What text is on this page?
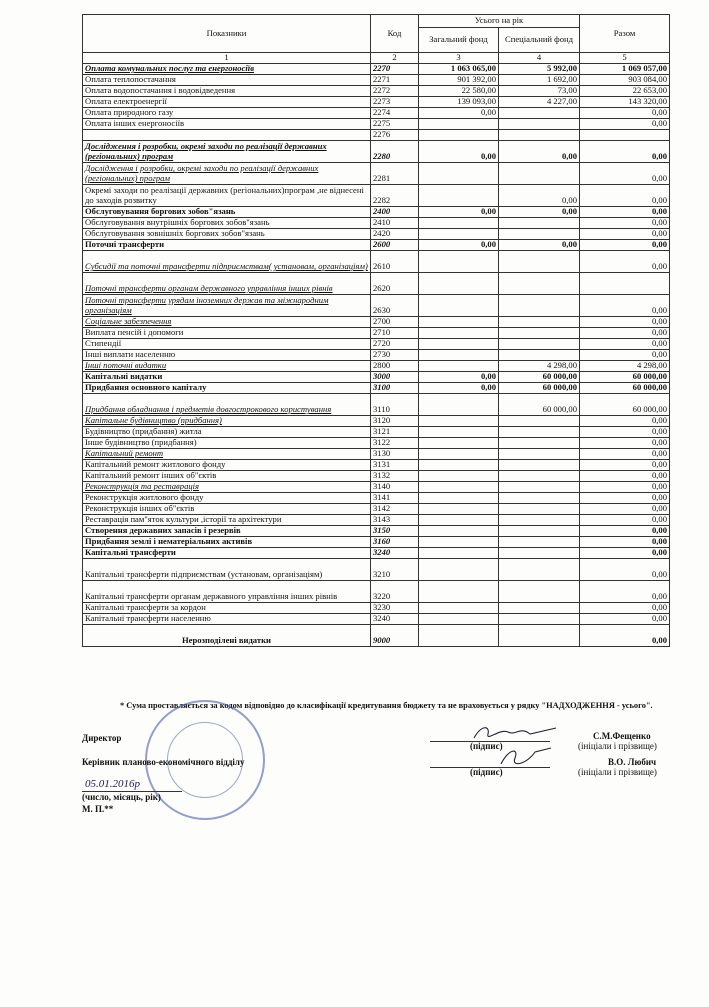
Показники	Код	Усього на рік		Разом
		Загальний фонд	Спеціальний фонд	
1	2	3	4	5
Оплата комунальних послуг та енергоносіїв	2270	1 063 065,00	5 992,00	1 069 057,00
Оплата теплопостачання	2271	901 392,00	1 692,00	903 084,00
Оплата водопостачання і водовідведення	2272	22 580,00	73,00	22 653,00
Оплата електроенергії	2273	139 093,00	4 227,00	143 320,00
Оплата природного газу	2274	0,00		0,00
Оплата інших енергоносіїв	2275			0,00
	2276			
Дослідження і розробки, окремі заходи по реалізації державних (регіональних) програм	2280	0,00	0,00	0,00
Дослідження і розробки, окремі заходи по реалізації державних (регіональних) програм	2281			0,00
Окремі заходи по реалізації державних (регіональних)програм ,не віднесені до заходів розвитку	2282		0,00	0,00
Обслуговування боргових зобов"язань	2400	0,00	0,00	0,00
Обслуговування внутрішніх боргових зобов"язань	2410			0,00
Обслуговування зовнішніх боргових зобов"язань	2420			0,00
Поточні трансферти	2600	0,00	0,00	0,00
Субсидії та поточні трансферти підприємствам( установам, організаціям)	2610			0,00
Поточні трансферти органам державного управління інших рівнів	2620			
Поточні трансферти урядам іноземних держав та міжнародним організаціям	2630			0,00
Соціальне забезпечення	2700			0,00
Виплата пенсій і допомоги	2710			0,00
Стипендії	2720			0,00
Інші виплати населенню	2730			0,00
Інші поточні видатки	2800		4 298,00	4 298,00
Капітальні видатки	3000	0,00	60 000,00	60 000,00
Придбання основного капіталу	3100	0,00	60 000,00	60 000,00
Придбання обладнання і предметів довгострокового користування	3110		60 000,00	60 000,00
Капітальне будівництво (придбання)	3120			0,00
Будівництво (придбання) житла	3121			0,00
Інше будівництво (придбання)	3122			0,00
Капітальний ремонт	3130			0,00
Капітальний ремонт житлового фонду	3131			0,00
Капітальний ремонт інших об"єктів	3132			0,00
Реконструкція та реставрація	3140			0,00
Реконструкція житлового фонду	3141			0,00
Реконструкція інших об"єктів	3142			0,00
Реставрація пам"яток культури ,історії та архітектури	3143			0,00
Створення державних запасів і резервів	3150			0,00
Придбання землі і нематеріальних активів	3160			0,00
Капітальні трансферти	3240			0,00
Капітальні трансферти підприємствам (установам, організаціям)	3210			0,00
Капітальні трансферти органам державного управління інших рівнів	3220			0,00
Капітальні трансферти за кордон	3230			0,00
Капітальні трансферти населенню	3240			0,00
Нерозподілені видатки	9000			0,00
* Сума проставляється за кодом відповідно до класифікації кредитування бюджету та не враховується у рядку "НАДХОДЖЕННЯ - усього".
Директор
(підпис)
С.М.Фещенко
(ініціали і прізвище)
Керівник планово-економічного відділу
(підпис)
В.О. Любич
(ініціали і прізвище)
05.01.2016р
(число, місяць, рік)
М. П.**
